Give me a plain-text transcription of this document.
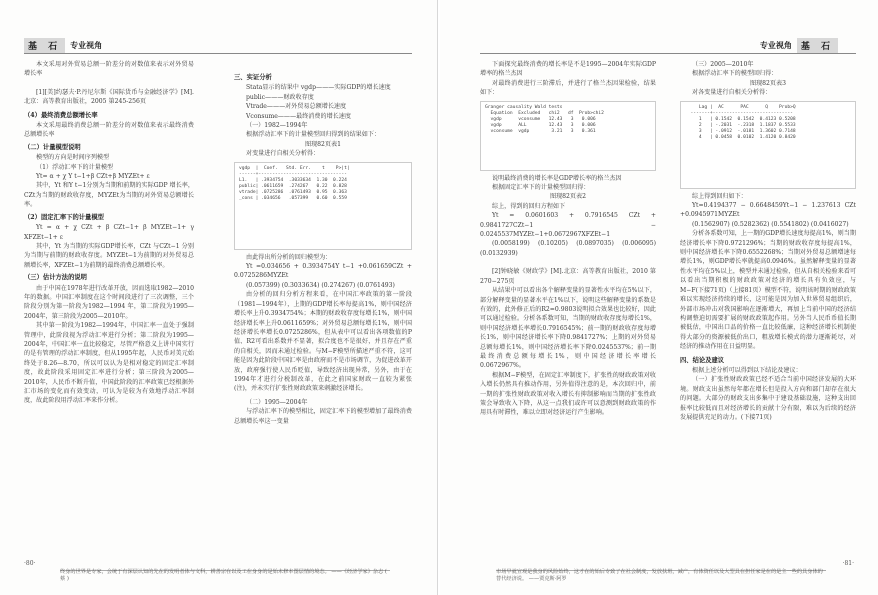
基 石	专业视角

本文采用对外贸易总额一阶差分的对数值来表示对外贸易增长率

[1][美]约瑟夫·P.丹尼尔斯《国际货币与金融经济学》[M].北京：高等教育出版社，2005 第245-256页

（4）最终消费总额增长率

本文采用最终消费总额一阶差分的对数值来表示最终消费总额增长率

（二）计量模型说明

模型的方向是时间序列模型

（1）浮动汇率下的计量模型

Yt= α + χ Y t−1+β CZt+β MYZEt+ ε

其中，Yt 和Y t−1分别为当期和前期的实际GDP 增长率，CZt为当期的财政收存度，MYZEt为当期的对外贸易总额增长率。

（2）固定汇率下的计量模型

Yt = α + χ CZt + β CZt−1+ β MYZEt−1+ γ XFZEt−1+ ε

其中，Yt 为当期的实际GDP增长率，CZt 与CZt−1 分别为当期与前期的财政收存度。MYZEt−1为前期的对外贸易总额增长率，XFZEt−1为前期的最终消费总额增长率。

（三）估计方法的说明

由于中国在1978年进行改革开放，因而选取1982—2010年的数据。中国汇率制度在这个时间段进行了三次调整，三个阶段分别为第一阶段为1982—1994 年，第二阶段为1995—2004年，第三阶段为2005—2010年。

其中第一阶段为1982—1994年，中国汇率一直处于强制管理中，此阶段视为浮动汇率进行分析；第二阶段为1995—2004年，中国汇率一直比较稳定，尽管严格意义上讲中国实行的是有管理的浮动汇率制度，但从1995年起，人民币对美元始终处于8.26—8.70，所以可以认为是相对稳定的固定汇率制度，故此阶段采用固定汇率进行分析；第三阶段为2005—2010年，人民币不断升值，中国此阶段的汇率政策已经根据外汇市场的变化而有效变动，可认为是较为有效地浮动汇率制度，故此阶段用浮动汇率来作分析。

三、实证分析

Stata显示的结果中 vgdp———实际GDP的增长速度

public———财政收存度

Vtrade———对外贸易总额增长速度

Vconsume———最终消费的增长速度

（一）1982—1994年

根据浮动汇率下的计量模型回归得到的结果如下：

图现82页表1

对变量进行自相关分析得：

vgdp  |  Coef.   Std. Err.    t    P>|t|
------+--------------------------------
L1.   | .3934754  .3033634  1.30  0.224
public| .0611659  .274267   0.22  0.828
vtrade| .0725286  .0761493  0.95  0.363
_cons | .034656   .057399   0.60  0.559

由此得出所分析的回归模型为：

Yt =0.034656 + 0.3934754Y t−1 +0.061659CZt + 0.0725286MYZEt

(0.057399) (0.3033634) (0.274267) (0.0761493)

由分析的回归分析方程来看，在中国汇率政策的第一阶段（1981—1994年），上期的GDP增长率每提高1%，则中国经济增长率上升0.3934754%；本期的财政收存度每增长1%，则中国经济增长率上升0.0611659%；对外贸易总额每增长1%，则中国经济增长率增长0.0725286%，但从表中可以看出各项数值的P值、R2可看出系数并不显著，拟合度也不是很好，并且存在严重的自相关，因而未通过检验。与M−F模型所描述严重不符，这可能是因为此阶段中国汇率是由政府而不是市场调节，为促进改革开放，政府强行使人民币贬值，导致经济出现异常，另外，由于在1994年才进行分税制改革，在此之前国家财政一直较为紧张(注)，并未实行扩张性财政政策来刺激经济增长。

（二）1995—2004年

与浮动汇率下的模型相比，固定汇率下的模型增加了最终消费总额增长率这一变量

终身的世界是专家，会统于有深层认知的先在的发明者体与文科，耕善宗在以及工在身身的是始未修本图层情的境态。 ——《经济学家》杂志 ( 蔡 )
·80·
专业视角	基 石

下面探究最终消费的增长率是不是1995—2004年实际GDP增率的格兰杰因

对最终消费进行三阶滞后，并进行了格兰杰因果检验，结果如下：

Granger causality Wald tests
Equation  Excluded   chi2   df  Prob>chi2
vgdp      vconsume   12.43   3   0.006
vgdp      ALL        12.43   3   0.006
vconsume  vgdp        3.21   3   0.361

说明最终消费的增长率是GDP增长率的格兰杰因

根据固定汇率下的计量模型回归得：

图现82页表2

综上，得到的回归方程如下

Yt = 0.0601603 + 0.7916545 CZt + 0.9841727CZt−1 − 0.0245537MYZEt−1+0.0672967XFZEt−1

(0.0058199) (0.10205) (0.0897035) (0.006095) (0.0132939)

[2]钟晓敏《财政学》[M].北京：高等教育出版社，2010 第270−275页

从结果中可以看出各个解释变量的显著性水平均在5%以下，部分解释变量的显著水平在1%以下，说明这些解释变量的系数是有效的，此外修正后的R2=0.9803说明拟合效果也比较好，因此可以通过检验。分析各系数可知，当期的财政收存度每增长1%，则中国经济增长率增长0.7916545%；前一期的财政收存度每增长1%，则中国经济增长率下降0.9841727%；上期的对外贸易总额每增长1%，则中国经济增长率下降0.0245537%；前一期最终消费总额每增长1%，则中国经济增长率增长0.0672967%。

根据M−F模型，在固定汇率制度下，扩张性的财政政策对收入增长仍然具有推动作用，另外值得注意的是，本次回归中，前一期的扩张性财政政策对收入增长有抑制影响而当期的扩张性政策会导致收入下降，从这一点我们或许可以意测到财政政策的作用具有时滞性，难以立即对经济运行产生影响。

（三）2005—2010年

根据浮动汇率下的模型回归得：

图现82页表3

对各变量进行自相关分析得：

Lag |  AC      PAC      Q    Prob>Q
-------+-----------------------------
1   | 0.1542  0.1542  0.4123 0.5208
2   | -.2031  -.2318  1.1837 0.5533
3   | -.0912  -.0181  1.3602 0.7148
4   | 0.0458  0.0102  1.4120 0.8420

综上得到回归如下：

Yt=0.4194377 − 0.6648459Yt−1 − 1.237613 CZt +0.0945971MYZEt

(0.1562907) (0.5282362) (0.5541802) (0.0416027)

分析各系数可知，上一期的GDP增长速度每提高1%，则当期经济增长率下降0.9721296%；当期的财政收存度每提高1%，则中国经济增长率下降0.6552268%；当期对外贸易总额增速每增长1%，则GDP增长率就提高0.0946%。虽然解释变量的显著性水平均在5%以上，模型并未通过检验，但从自相关检验来看可以看出当期积极的财政政策对经济的增长具有负效应，与M−F(下接71页)（上接81页）模型不符，说明该时期的财政政策难以实现经济持续的增长，这可能是因为加入世界贸易组织后，外部市场冲击对我国影响在逐渐增大，再加上当前中国的经济结构调整迫切需要扩展的财政政策起作用。另外当人民币币值长期被低估，中国出口品的价格一直比较低廉，这种经济增长机制使得大部分的资源被低价出口，粗放增长模式的潜力逐渐耗尽，对经济的推动作用在日益明显。

四、结论及建议

根据上述分析可以得到以下结论及建议：

（一）扩张性财政政策已经不适合当前中国经济发展的大环境。财政支出虽然每年都在增长但是投入方向和部门却存在很大的问题。大部分的财政支出多集中于建设基础设施，这种支出回报率比较低而且对经济增长的贡献十分有限，难以为后续的经济发展提供充足的动力。(下接71页)

市场早就宣观是我身的风险始终，这才在的始后专致了在社会制度，发放扶班，减产，有体资任以及大型具在担任家是在的是主一些的具身体的替代经济说。 ——贾克斯·阿罗
·81·
